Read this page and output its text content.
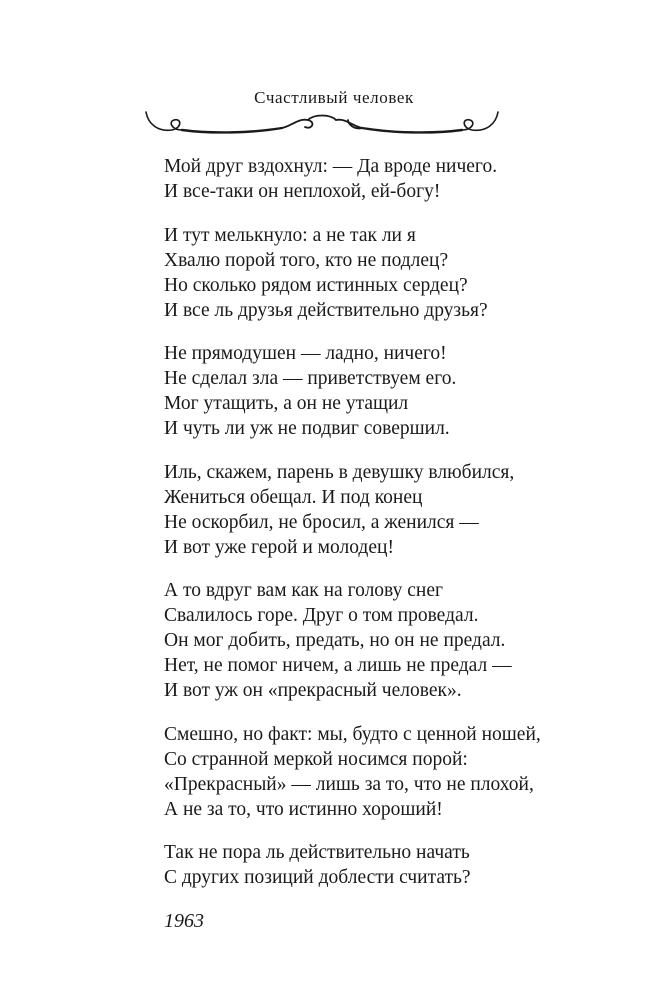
Счастливый человек
Мой друг вздохнул: — Да вроде ничего.
И все-таки он неплохой, ей-богу!
И тут мелькнуло: а не так ли я
Хвалю порой того, кто не подлец?
Но сколько рядом истинных сердец?
И все ль друзья действительно друзья?
Не прямодушен — ладно, ничего!
Не сделал зла — приветствуем его.
Мог утащить, а он не утащил
И чуть ли уж не подвиг совершил.
Иль, скажем, парень в девушку влюбился,
Жениться обещал. И под конец
Не оскорбил, не бросил, а женился —
И вот уже герой и молодец!
А то вдруг вам как на голову снег
Свалилось горе. Друг о том проведал.
Он мог добить, предать, но он не предал.
Нет, не помог ничем, а лишь не предал —
И вот уж он «прекрасный человек».
Смешно, но факт: мы, будто с ценной ношей,
Со странной меркой носимся порой:
«Прекрасный» — лишь за то, что не плохой,
А не за то, что истинно хороший!
Так не пора ль действительно начать
С других позиций доблести считать?
1963
